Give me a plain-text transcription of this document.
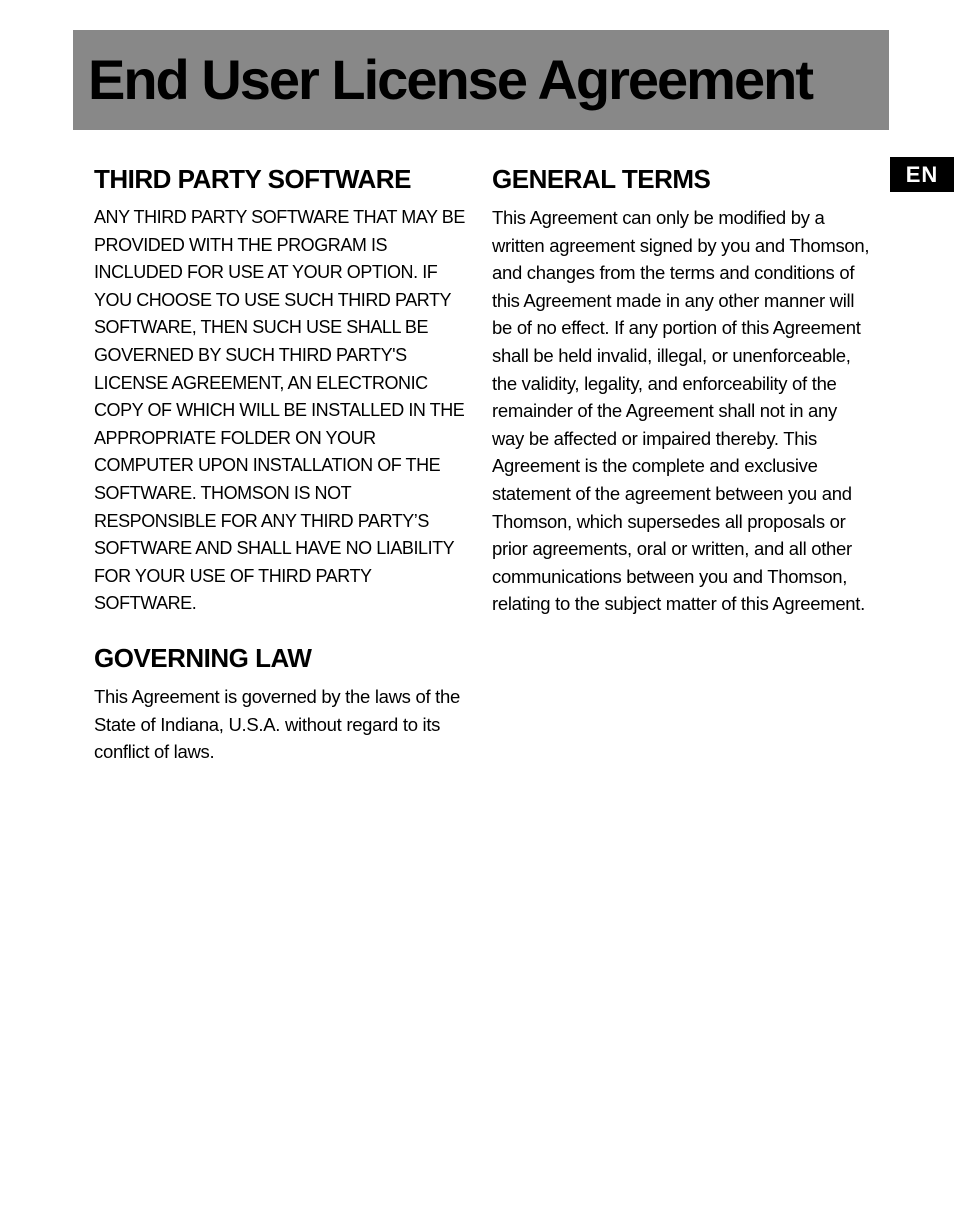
End User License Agreement
EN
THIRD PARTY SOFTWARE

ANY THIRD PARTY SOFTWARE THAT MAY BE PROVIDED WITH THE PROGRAM IS INCLUDED FOR USE AT YOUR OPTION. IF YOU CHOOSE TO USE SUCH THIRD PARTY SOFTWARE, THEN SUCH USE SHALL BE GOVERNED BY SUCH THIRD PARTY'S LICENSE AGREEMENT, AN ELECTRONIC COPY OF WHICH WILL BE INSTALLED IN THE APPROPRIATE FOLDER ON YOUR COMPUTER UPON INSTALLATION OF THE SOFTWARE. THOMSON IS NOT RESPONSIBLE FOR ANY THIRD PARTY’S SOFTWARE AND SHALL HAVE NO LIABILITY FOR YOUR USE OF THIRD PARTY SOFTWARE.

GOVERNING LAW

This Agreement is governed by the laws of the State of Indiana, U.S.A. without regard to its conflict of laws.

GENERAL TERMS

This Agreement can only be modified by a written agreement signed by you and Thomson, and changes from the terms and conditions of this Agreement made in any other manner will be of no effect. If any portion of this Agreement shall be held invalid, illegal, or unenforceable, the validity, legality, and enforceability of the remainder of the Agreement shall not in any way be affected or impaired thereby. This Agreement is the complete and exclusive statement of the agreement between you and Thomson, which supersedes all proposals or prior agreements, oral or written, and all other communications between you and Thomson, relating to the subject matter of this Agreement.
